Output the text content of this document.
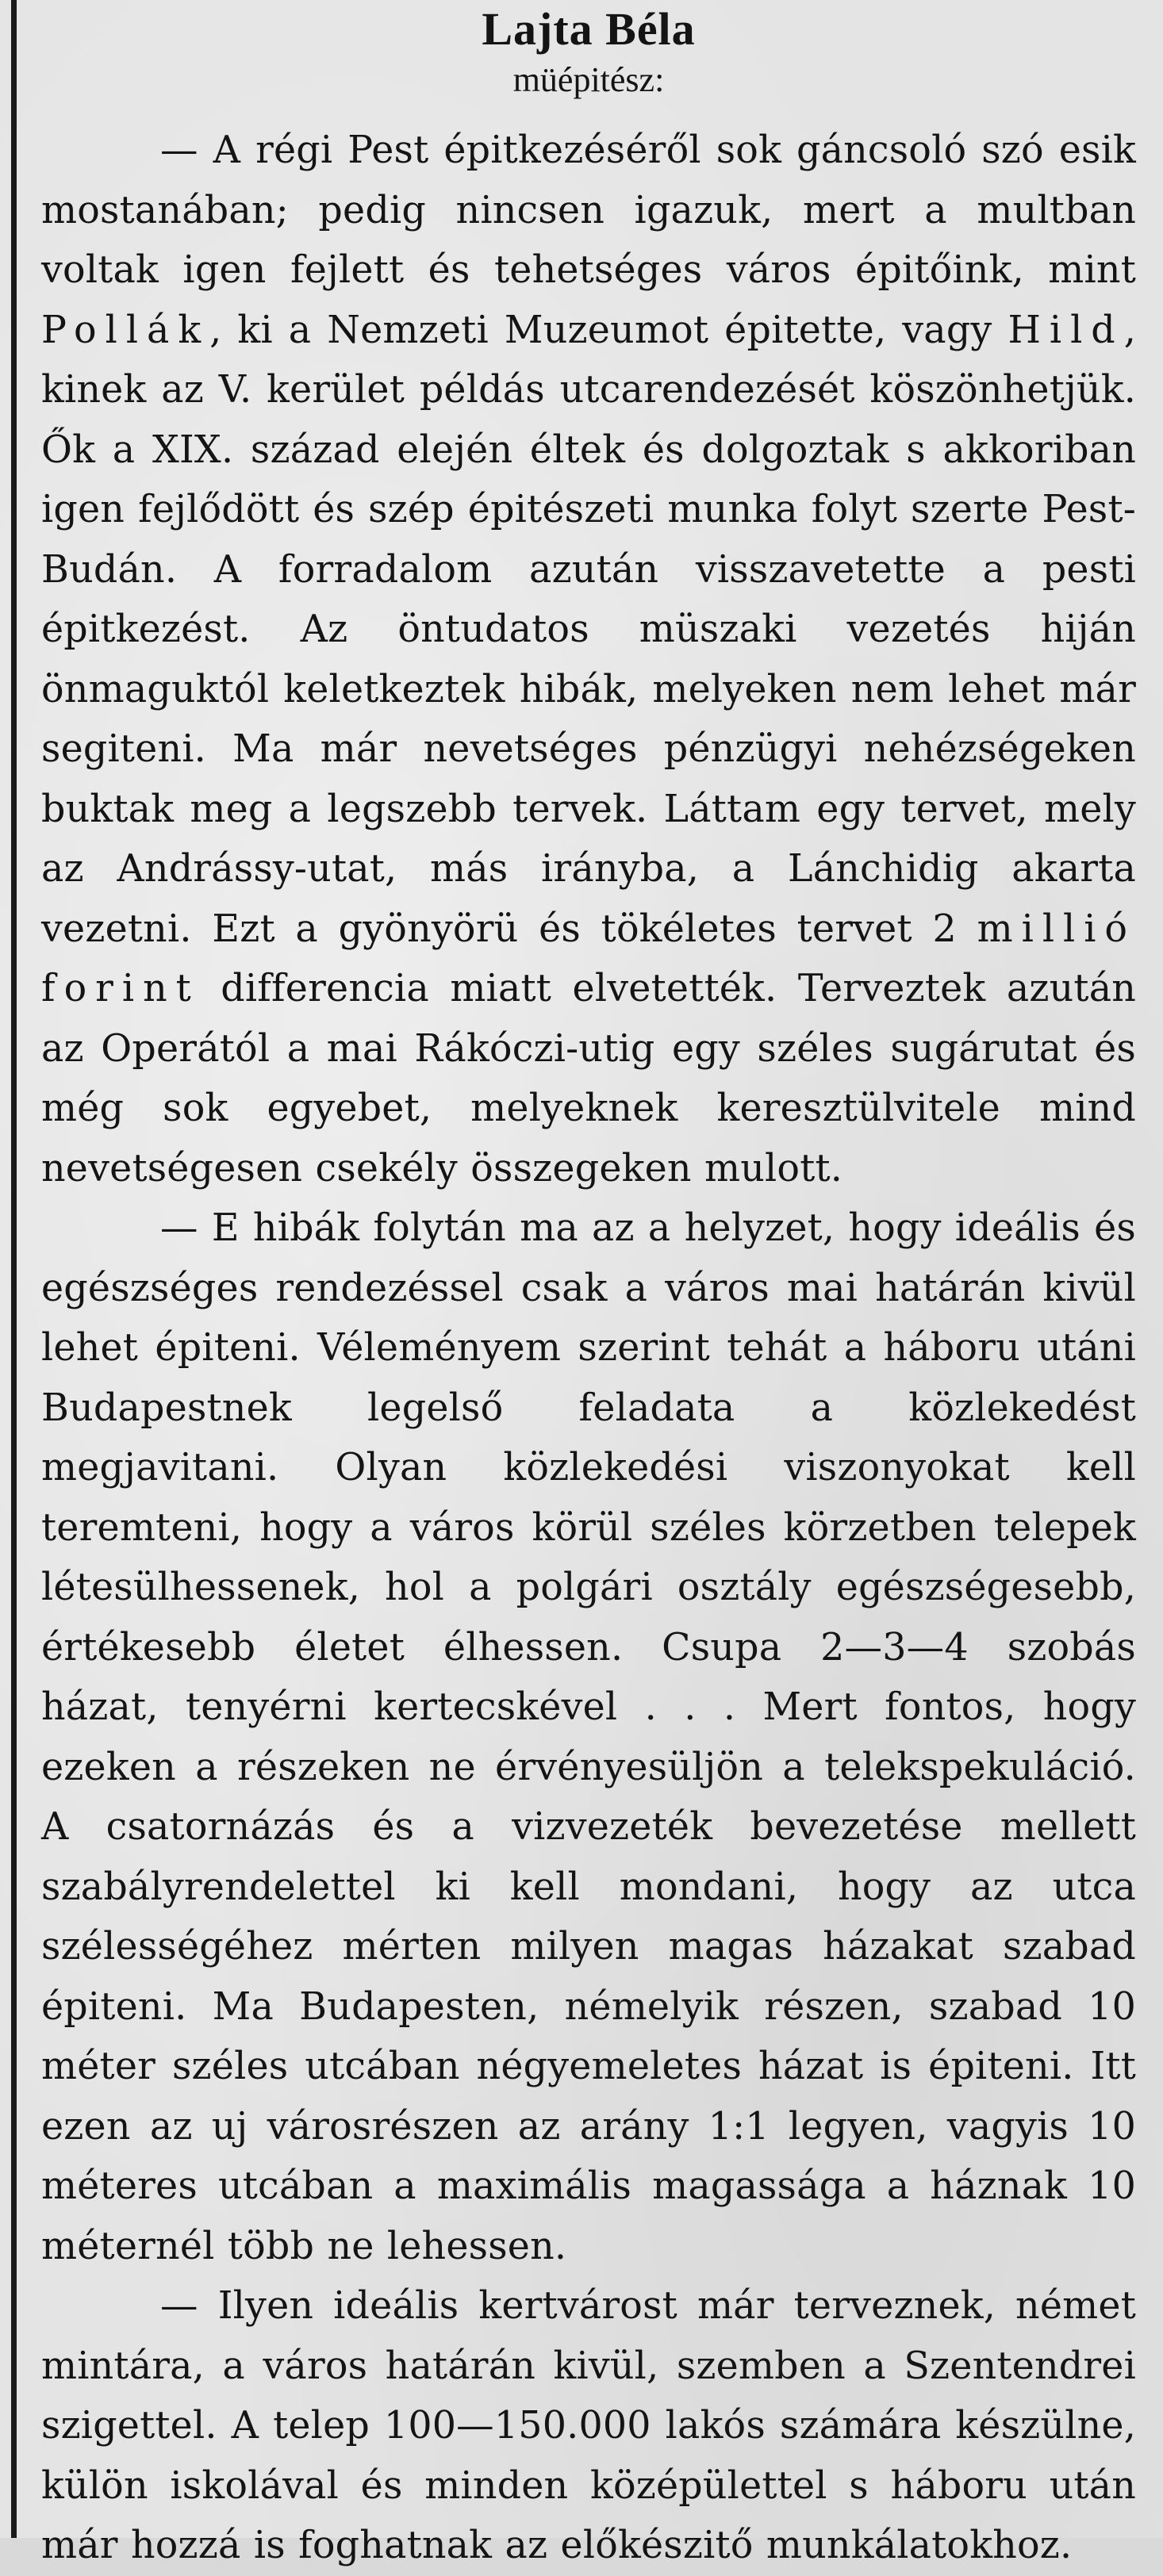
Lajta Béla
müépitész:

— A régi Pest épitkezéséről sok gáncsoló szó esik mostanában; pedig nincsen igazuk, mert a multban voltak igen fejlett és tehetséges város épitőink, mint Pollák, ki a Nemzeti Muzeumot épitette, vagy Hild, kinek az V. kerület példás utcarendezését köszönhetjük. Ők a XIX. század elején éltek és dolgoztak s akkoriban igen fejlődött és szép épitészeti munka folyt szerte Pest-Budán. A forradalom azután visszavetette a pesti épitkezést. Az öntudatos müszaki vezetés hiján önmaguktól keletkeztek hibák, melyeken nem lehet már segiteni. Ma már nevetséges pénzügyi nehézségeken buktak meg a legszebb tervek. Láttam egy tervet, mely az Andrássy-utat, más irányba, a Lánchidig akarta vezetni. Ezt a gyönyörü és tökéletes tervet 2 millió forint differencia miatt elvetették. Terveztek azután az Operától a mai Rákóczi-utig egy széles sugárutat és még sok egyebet, melyeknek keresztülvitele mind nevetségesen csekély összegeken mulott.

— E hibák folytán ma az a helyzet, hogy ideális és egészséges rendezéssel csak a város mai határán kivül lehet épiteni. Véleményem szerint tehát a háboru utáni Budapestnek legelső feladata a közlekedést megjavitani. Olyan közlekedési viszonyokat kell teremteni, hogy a város körül széles körzetben telepek létesülhessenek, hol a polgári osztály egészségesebb, értékesebb életet élhessen. Csupa 2—3—4 szobás házat, tenyérni kertecskével . . . Mert fontos, hogy ezeken a részeken ne érvényesüljön a telekspekuláció. A csatornázás és a vizvezeték bevezetése mellett szabályrendelettel ki kell mondani, hogy az utca szélességéhez mérten milyen magas házakat szabad épiteni. Ma Budapesten, némelyik részen, szabad 10 méter széles utcában négyemeletes házat is épiteni. Itt ezen az uj városrészen az arány 1:1 legyen, vagyis 10 méteres utcában a maximális magassága a háznak 10 méternél több ne lehessen.

— Ilyen ideális kertvárost már terveznek, német mintára, a város határán kivül, szemben a Szentendrei szigettel. A telep 100—150.000 lakós számára készülne, külön iskolával és minden középülettel s háboru után már hozzá is foghatnak az előkészitő munkálatokhoz.
